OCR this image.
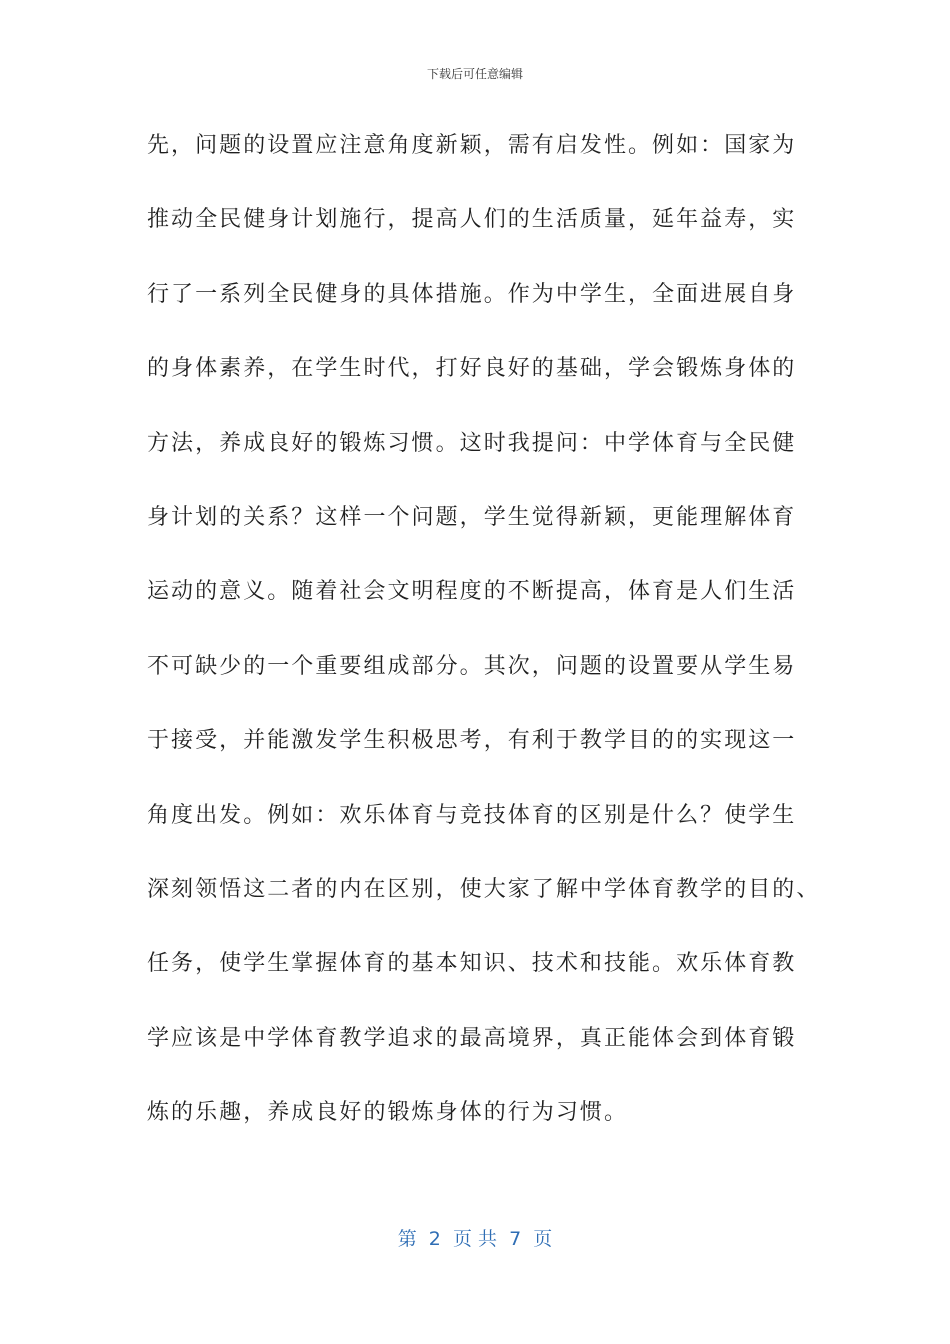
下载后可任意编辑
先，问题的设置应注意角度新颖，需有启发性。例如：国家为
推动全民健身计划施行，提高人们的生活质量，延年益寿，实
行了一系列全民健身的具体措施。作为中学生，全面进展自身
的身体素养，在学生时代，打好良好的基础，学会锻炼身体的
方法，养成良好的锻炼习惯。这时我提问：中学体育与全民健
身计划的关系？这样一个问题，学生觉得新颖，更能理解体育
运动的意义。随着社会文明程度的不断提高，体育是人们生活
不可缺少的一个重要组成部分。其次，问题的设置要从学生易
于接受，并能激发学生积极思考，有利于教学目的的实现这一
角度出发。例如：欢乐体育与竞技体育的区别是什么？使学生
深刻领悟这二者的内在区别，使大家了解中学体育教学的目的、
任务，使学生掌握体育的基本知识、技术和技能。欢乐体育教
学应该是中学体育教学追求的最高境界，真正能体会到体育锻
炼的乐趣，养成良好的锻炼身体的行为习惯。
第  2  页 共  7  页
